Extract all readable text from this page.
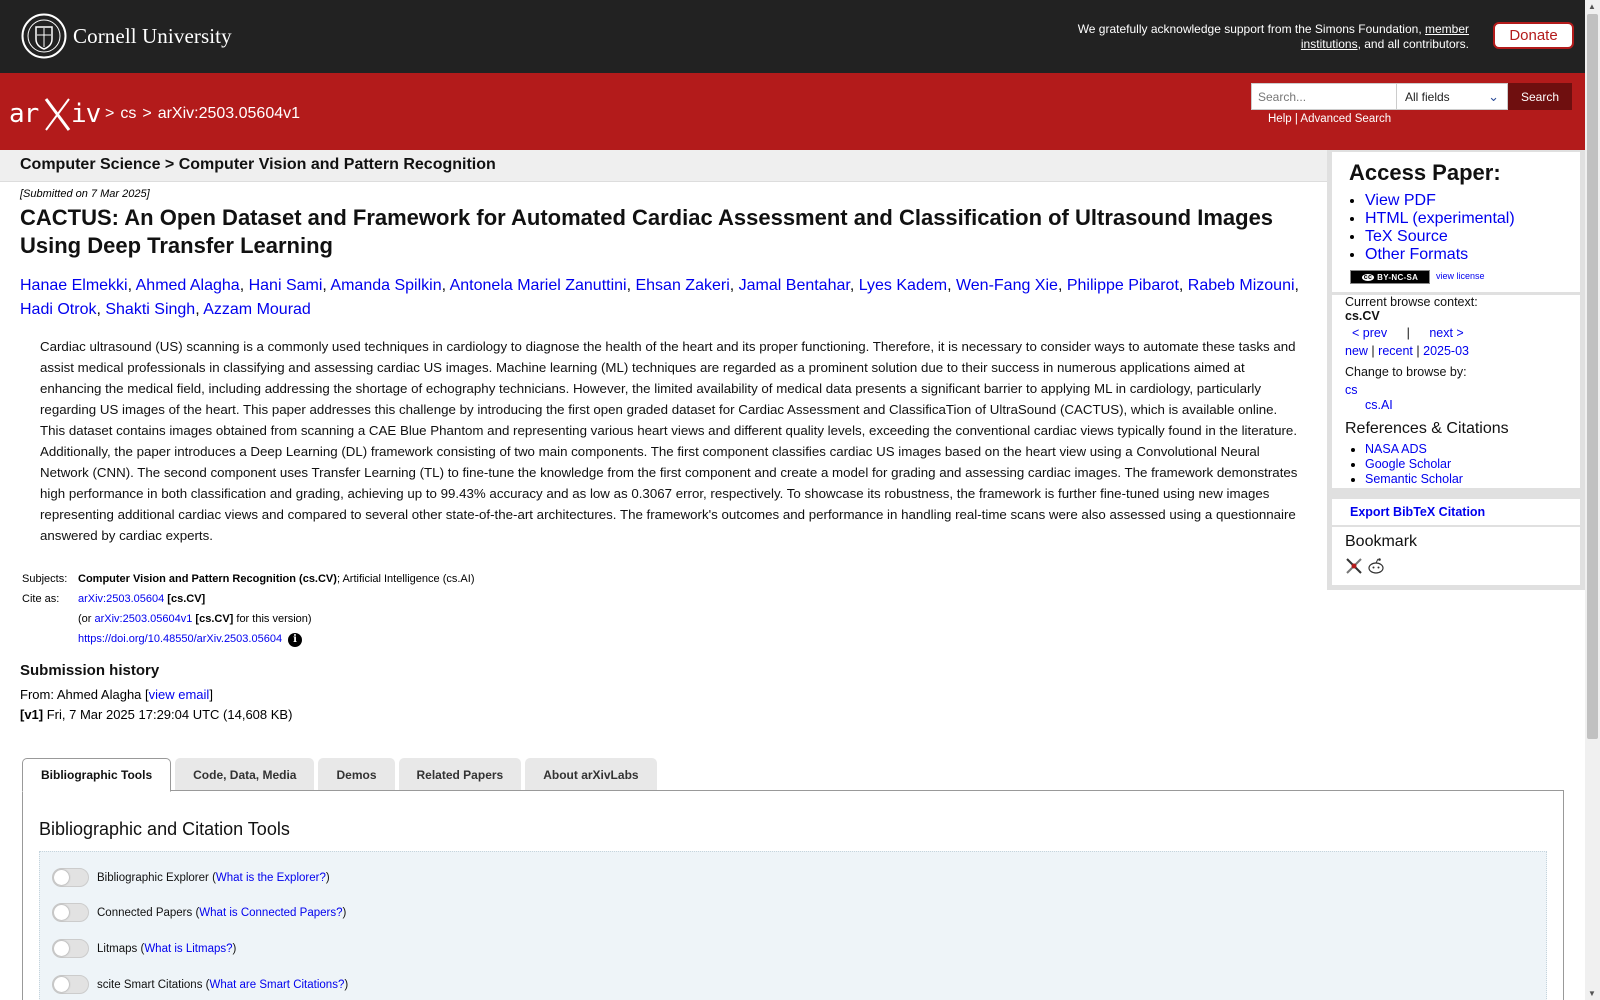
Cornell University	We gratefully acknowledge support from the Simons Foundation, member institutions, and all contributors.	Donate
ar iv > cs > arXiv:2503.05604v1
Search...
All fields	⌄	Search
Help | Advanced Search
▲
▼
Computer Science > Computer Vision and Pattern Recognition
[Submitted on 7 Mar 2025]
CACTUS: An Open Dataset and Framework for Automated Cardiac Assessment and Classification of Ultrasound Images Using Deep Transfer Learning
Hanae Elmekki, Ahmed Alagha, Hani Sami, Amanda Spilkin, Antonela Mariel Zanuttini, Ehsan Zakeri, Jamal Bentahar, Lyes Kadem, Wen-Fang Xie, Philippe Pibarot, Rabeb Mizouni, Hadi Otrok, Shakti Singh, Azzam Mourad
Cardiac ultrasound (US) scanning is a commonly used techniques in cardiology to diagnose the health of the heart and its proper functioning. Therefore, it is necessary to consider ways to automate these tasks and assist medical professionals in classifying and assessing cardiac US images. Machine learning (ML) techniques are regarded as a prominent solution due to their success in numerous applications aimed at enhancing the medical field, including addressing the shortage of echography technicians. However, the limited availability of medical data presents a significant barrier to applying ML in cardiology, particularly regarding US images of the heart. This paper addresses this challenge by introducing the first open graded dataset for Cardiac Assessment and ClassificaTion of UltraSound (CACTUS), which is available online. This dataset contains images obtained from scanning a CAE Blue Phantom and representing various heart views and different quality levels, exceeding the conventional cardiac views typically found in the literature. Additionally, the paper introduces a Deep Learning (DL) framework consisting of two main components. The first component classifies cardiac US images based on the heart view using a Convolutional Neural Network (CNN). The second component uses Transfer Learning (TL) to fine-tune the knowledge from the first component and create a model for grading and assessing cardiac images. The framework demonstrates high performance in both classification and grading, achieving up to 99.43% accuracy and as low as 0.3067 error, respectively. To showcase its robustness, the framework is further fine-tuned using new images representing additional cardiac views and compared to several other state-of-the-art architectures. The framework's outcomes and performance in handling real-time scans were also assessed using a questionnaire answered by cardiac experts.
Subjects: Computer Vision and Pattern Recognition (cs.CV); Artificial Intelligence (cs.AI)
Cite as:	arXiv:2503.05604 [cs.CV]
(or arXiv:2503.05604v1 [cs.CV] for this version)
https://doi.org/10.48550/arXiv.2503.05604 i
Submission history
From: Ahmed Alagha [view email]
[v1] Fri, 7 Mar 2025 17:29:04 UTC (14,608 KB)
Bibliographic Tools	Code, Data, Media	Demos	Related Papers	About arXivLabs
Bibliographic and Citation Tools
Bibliographic Explorer ( What is the Explorer? )
Connected Papers ( What is Connected Papers? )
Litmaps ( What is Litmaps? )
scite Smart Citations ( What are Smart Citations? )
Access Paper:
• View PDF
• HTML (experimental)
• TeX Source
• Other Formats
cc BY-NC-SA view license
Current browse context:
cs.CV
< prev | next >
new | recent | 2025-03
Change to browse by:
cs
cs.AI
References & Citations
• NASA ADS
• Google Scholar
• Semantic Scholar
Export BibTeX Citation
Bookmark
